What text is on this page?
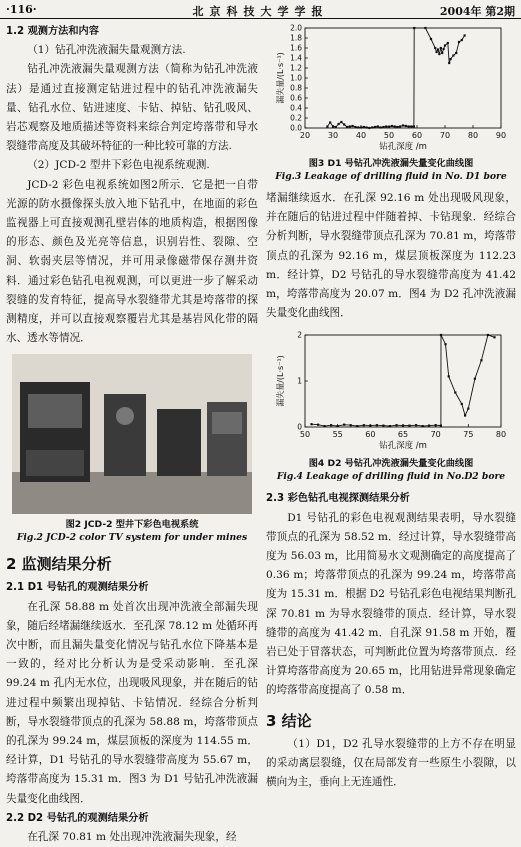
·116·	北京科技大学学报	2004年 第2期

1.2 观测方法和内容

（1）钻孔冲洗液漏失量观测方法.

钻孔冲洗液漏失量观测方法（简称为钻孔冲洗液法）是通过直接测定钻进过程中的钻孔冲洗液漏失量、钻孔水位、钻进速度、卡钻、掉钻、钻孔吸风、岩芯观察及地质描述等资料来综合判定垮落带和导水裂缝带高度及其破坏特征的一种比较可靠的方法.

（2）JCD-2 型井下彩色电视系统观测.

JCD-2 彩色电视系统如图2所示．它是把一自带光源的防水摄像探头放入地下钻孔中，在地面的彩色监视器上可直接观测孔壁岩体的地质构造，根据图像的形态、颜色及光亮等信息，识别岩性、裂隙、空洞、软弱夹层等情况，并可用录像磁带保存测井资料．通过彩色钻孔电视观测，可以更进一步了解采动裂缝的发育特征，提高导水裂缝带尤其是垮落带的探测精度，并可以直接观察覆岩尤其是基岩风化带的隔水、透水等情况．

图2 JCD-2 型井下彩色电视系统

Fig.2 JCD-2 color TV system for under mines

2 监测结果分析

2.1 D1 号钻孔的观测结果分析

在孔深 58.88 m 处首次出现冲洗液全部漏失现象，随后经堵漏继续返水．至孔深 78.12 m 处循环再次中断，而且漏失量变化情况与钻孔水位下降基本是一致的，经对比分析认为是受采动影响．至孔深 99.24 m 孔内无水位，出现吸风现象，并在随后的钻进过程中频繁出现掉钻、卡钻情况．经综合分析判断，导水裂缝带顶点的孔深为 58.88 m，垮落带顶点的孔深为 99.24 m，煤层顶板的深度为 114.55 m．经计算，D1 号钻孔的导水裂缝带高度为 55.67 m，垮落带高度为 15.31 m．图3 为 D1 号钻孔冲洗液漏失量变化曲线图．

2.2 D2 号钻孔的观测结果分析

在孔深 70.81 m 处出现冲洗液漏失现象，经

20 30 40 50 60 70 80 90
0.0
0.2
0.4
0.6
0.8
1.0
1.2
1.4
1.6
1.8
2.0
钻孔深度 /m
漏失量/(L·s⁻¹)

图3 D1 号钻孔冲洗液漏失量变化曲线图

Fig.3 Leakage of drilling fluid in No. D1 bore

堵漏继续返水．在孔深 92.16 m 处出现吸风现象，并在随后的钻进过程中伴随着掉、卡钻现象．经综合分析判断，导水裂缝带顶点孔深为 70.81 m，垮落带顶点的孔深为 92.16 m，煤层顶板深度为 112.23 m．经计算，D2 号钻孔的导水裂缝带高度为 41.42 m，垮落带高度为 20.07 m．图4 为 D2 孔冲洗液漏失量变化曲线图．

50	55	60	65	70	75	80
0
1
2
钻孔深度 /m
漏失量/(L·s⁻¹)

图4 D2 号钻孔冲洗液漏失量变化曲线图

Fig.4 Leakage of drilling fluid in No.D2 bore

2.3 彩色钻孔电视探测结果分析

D1 号钻孔的彩色电视观测结果表明，导水裂缝带顶点的孔深为 58.52 m．经过计算，导水裂缝带高度为 56.03 m，比用简易水文观测确定的高度提高了 0.36 m；垮落带顶点的孔深为 99.24 m，垮落带高度为 15.31 m．根据 D2 号钻孔彩色电视结果判断孔深 70.81 m 为导水裂缝带的顶点．经计算，导水裂缝带的高度为 41.42 m．自孔深 91.58 m 开始，覆岩已处于冒落状态，可判断此位置为垮落带顶点．经计算垮落带高度为 20.65 m，比用钻进异常现象确定的垮落带高度提高了 0.58 m．

3 结论

（1）D1，D2 孔导水裂缝带的上方不存在明显的采动离层裂缝，仅在局部发育一些原生小裂隙，以横向为主，垂向上无连通性．
